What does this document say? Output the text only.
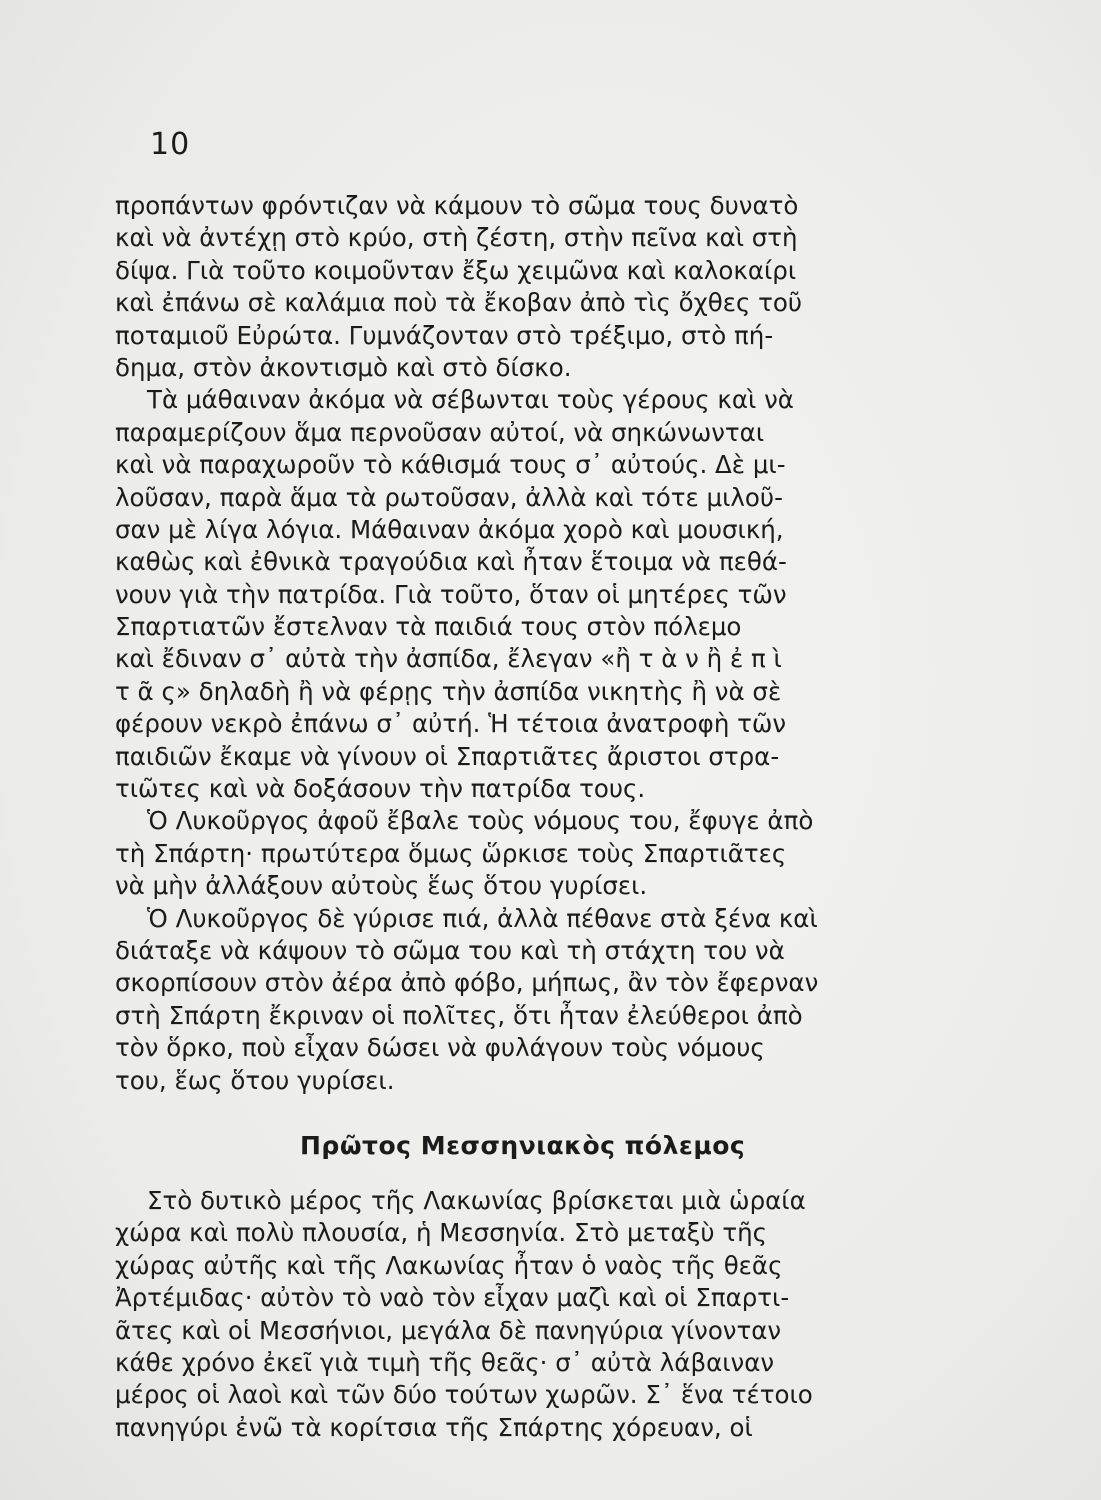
10
προπάντων φρόντιζαν νὰ κάμουν τὸ σῶμα τους δυνατὸ
καὶ νὰ ἀντέχῃ στὸ κρύο, στὴ ζέστη, στὴν πεῖνα καὶ στὴ
δίψα. Γιὰ τοῦτο κοιμοῦνταν ἔξω χειμῶνα καὶ καλοκαίρι
καὶ ἐπάνω σὲ καλάμια ποὺ τὰ ἔκοβαν ἀπὸ τὶς ὄχθες τοῦ
ποταμιοῦ Εὐρώτα. Γυμνάζονταν στὸ τρέξιμο, στὸ πή-
δημα, στὸν ἀκοντισμὸ καὶ στὸ δίσκο.
Τὰ μάθαιναν ἀκόμα νὰ σέβωνται τοὺς γέρους καὶ νὰ
παραμερίζουν ἅμα περνοῦσαν αὐτοί, νὰ σηκώνωνται
καὶ νὰ παραχωροῦν τὸ κάθισμά τους σ᾽ αὐτούς. Δὲ μι-
λοῦσαν, παρὰ ἅμα τὰ ρωτοῦσαν, ἀλλὰ καὶ τότε μιλοῦ-
σαν μὲ λίγα λόγια. Μάθαιναν ἀκόμα χορὸ καὶ μουσική,
καθὼς καὶ ἐθνικὰ τραγούδια καὶ ἦταν ἕτοιμα νὰ πεθά-
νουν γιὰ τὴν πατρίδα. Γιὰ τοῦτο, ὅταν οἱ μητέρες τῶν
Σπαρτιατῶν ἔστελναν τὰ παιδιά τους στὸν πόλεμο
καὶ ἔδιναν σ᾽ αὐτὰ τὴν ἀσπίδα, ἔλεγαν «ἢ τ ὰ ν ἢ ἐ π ὶ
τ ᾶ ς» δηλαδὴ ἢ νὰ φέρῃς τὴν ἀσπίδα νικητὴς ἢ νὰ σὲ
φέρουν νεκρὸ ἐπάνω σ᾽ αὐτή. Ἡ τέτοια ἀνατροφὴ τῶν
παιδιῶν ἔκαμε νὰ γίνουν οἱ Σπαρτιᾶτες ἄριστοι στρα-
τιῶτες καὶ νὰ δοξάσουν τὴν πατρίδα τους.
Ὁ Λυκοῦργος ἀφοῦ ἔβαλε τοὺς νόμους του, ἔφυγε ἀπὸ
τὴ Σπάρτη· πρωτύτερα ὅμως ὥρκισε τοὺς Σπαρτιᾶτες
νὰ μὴν ἀλλάξουν αὐτοὺς ἕως ὅτου γυρίσει.
Ὁ Λυκοῦργος δὲ γύρισε πιά, ἀλλὰ πέθανε στὰ ξένα καὶ
διάταξε νὰ κάψουν τὸ σῶμα του καὶ τὴ στάχτη του νὰ
σκορπίσουν στὸν ἀέρα ἀπὸ φόβο, μήπως, ἂν τὸν ἔφερναν
στὴ Σπάρτη ἔκριναν οἱ πολῖτες, ὅτι ἦταν ἐλεύθεροι ἀπὸ
τὸν ὅρκο, ποὺ εἶχαν δώσει νὰ φυλάγουν τοὺς νόμους
του, ἕως ὅτου γυρίσει.
Πρῶτος Μεσσηνιακὸς πόλεμος
Στὸ δυτικὸ μέρος τῆς Λακωνίας βρίσκεται μιὰ ὡραία
χώρα καὶ πολὺ πλουσία, ἡ Μεσσηνία. Στὸ μεταξὺ τῆς
χώρας αὐτῆς καὶ τῆς Λακωνίας ἦταν ὁ ναὸς τῆς θεᾶς
Ἀρτέμιδας· αὐτὸν τὸ ναὸ τὸν εἶχαν μαζὶ καὶ οἱ Σπαρτι-
ᾶτες καὶ οἱ Μεσσήνιοι, μεγάλα δὲ πανηγύρια γίνονταν
κάθε χρόνο ἐκεῖ γιὰ τιμὴ τῆς θεᾶς· σ᾽ αὐτὰ λάβαιναν
μέρος οἱ λαοὶ καὶ τῶν δύο τούτων χωρῶν. Σ᾽ ἕνα τέτοιο
πανηγύρι ἐνῶ τὰ κορίτσια τῆς Σπάρτης χόρευαν, οἱ
